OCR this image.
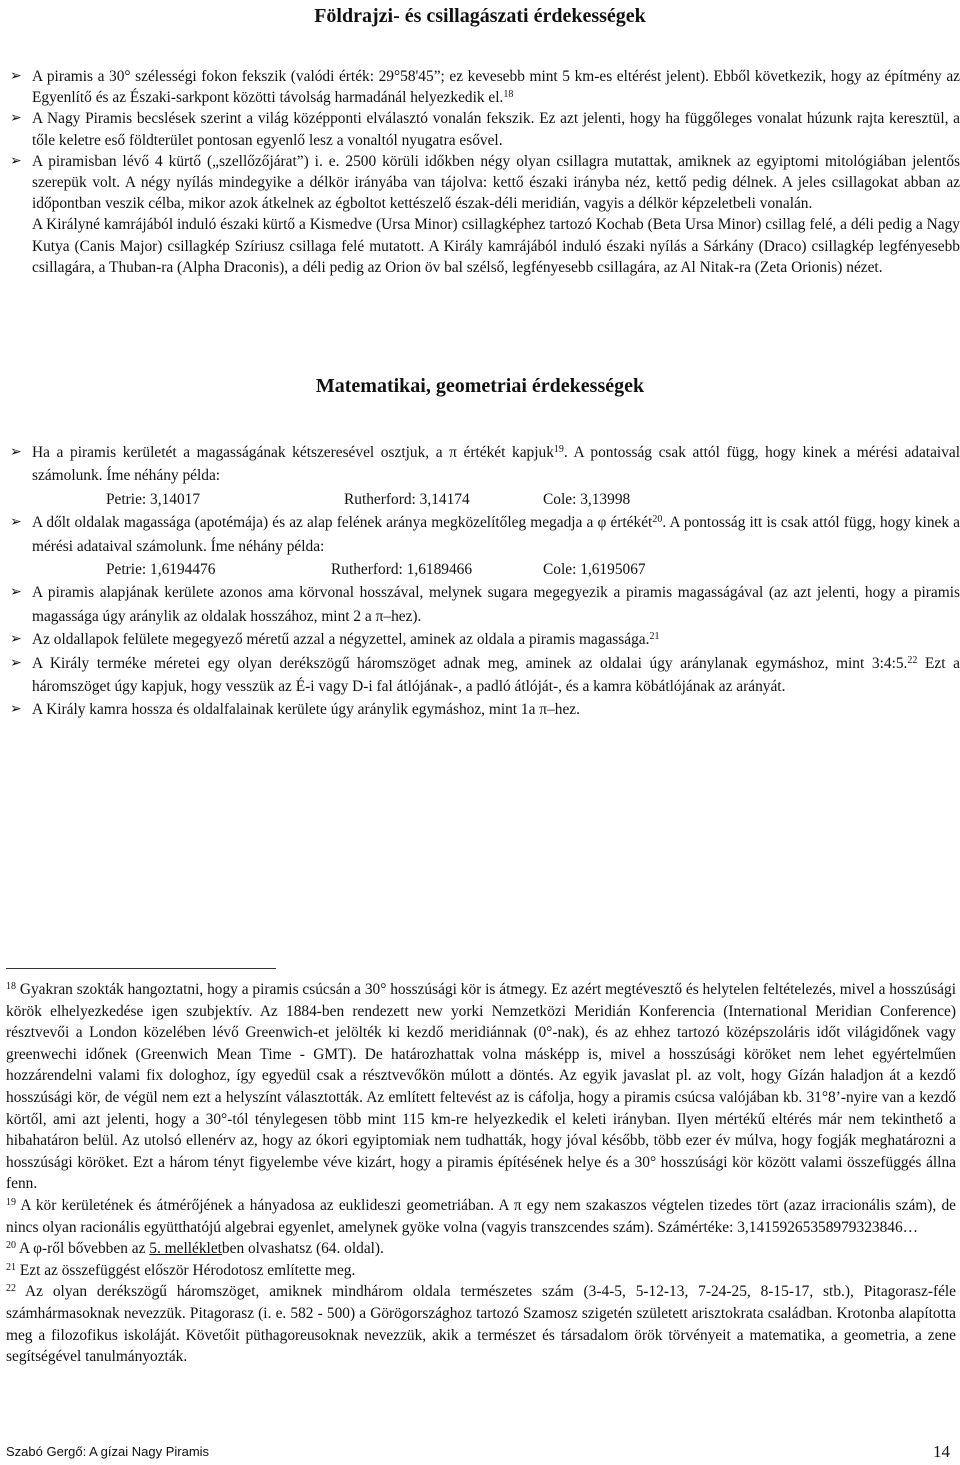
Földrajzi- és csillagászati érdekességek
➢ A piramis a 30° szélességi fokon fekszik (valódi érték: 29°58'45”; ez kevesebb mint 5 km-es eltérést jelent). Ebből következik, hogy az építmény az Egyenlítő és az Északi-sarkpont közötti távolság harmadánál helyezkedik el.$^{18}$
➢ A Nagy Piramis becslések szerint a világ középponti elválasztó vonalán fekszik. Ez azt jelenti, hogy ha függőleges vonalat húzunk rajta keresztül, a tőle keletre eső földterület pontosan egyenlő lesz a vonaltól nyugatra esővel.
➢ A piramisban lévő 4 kürtő („szellőzőjárat”) i. e. 2500 körüli időkben négy olyan csillagra mutattak, amiknek az egyiptomi mitológiában jelentős szerepük volt. A négy nyílás mindegyike a délkör irányába van tájolva: kettő északi irányba néz, kettő pedig délnek. A jeles csillagokat abban az időpontban veszik célba, mikor azok átkelnek az égboltot kettészelő észak-déli meridián, vagyis a délkör képzeletbeli vonalán.
A Királyné kamrájából induló északi kürtő a Kismedve (Ursa Minor) csillagképhez tartozó Kochab (Beta Ursa Minor) csillag felé, a déli pedig a Nagy Kutya (Canis Major) csillagkép Szíriusz csillaga felé mutatott. A Király kamrájából induló északi nyílás a Sárkány (Draco) csillagkép legfényesebb csillagára, a Thuban-ra (Alpha Draconis), a déli pedig az Orion öv bal szélső, legfényesebb csillagára, az Al Nitak-ra (Zeta Orionis) nézet.
Matematikai, geometriai érdekességek
➢ Ha a piramis kerületét a magasságának kétszeresével osztjuk, a π értékét kapjuk$^{19}$. A pontosság csak attól függ, hogy kinek a mérési adataival számolunk. Íme néhány példa:
Petrie: 3,14017	Rutherford: 3,14174	Cole: 3,13998
➢ A dőlt oldalak magassága (apotémája) és az alap felének aránya megközelítőleg megadja a φ értékét$^{20}$. A pontosság itt is csak attól függ, hogy kinek a mérési adataival számolunk. Íme néhány példa:
Petrie: 1,6194476	Rutherford: 1,6189466	Cole: 1,6195067
➢ A piramis alapjának kerülete azonos ama körvonal hosszával, melynek sugara megegyezik a piramis magasságával (az azt jelenti, hogy a piramis magassága úgy aránylik az oldalak hosszához, mint 2 a π–hez).
➢ Az oldallapok felülete megegyező méretű azzal a négyzettel, aminek az oldala a piramis magassága.$^{21}$
➢ A Király terméke méretei egy olyan derékszögű háromszöget adnak meg, aminek az oldalai úgy aránylanak egymáshoz, mint 3:4:5.22 Ezt a háromszöget úgy kapjuk, hogy vesszük az É-i vagy D-i fal átlójának-, a padló átlóját-, és a kamra köbátlójának az arányát.
➢ A Király kamra hossza és oldalfalainak kerülete úgy aránylik egymáshoz, mint 1a π–hez.

$^{18}$ Gyakran szokták hangoztatni, hogy a piramis csúcsán a 30° hosszúsági kör is átmegy. Ez azért megtévesztő és helytelen feltételezés, mivel a hosszúsági körök elhelyezkedése igen szubjektív. Az 1884-ben rendezett new yorki Nemzetközi Meridián Konferencia (International Meridian Conference) résztvevői a London közelében lévő Greenwich-et jelölték ki kezdő meridiánnak (0°-nak), és az ehhez tartozó középszoláris időt világidőnek vagy greenwechi időnek (Greenwich Mean Time - GMT). De határozhattak volna másképp is, mivel a hosszúsági köröket nem lehet egyértelműen hozzárendelni valami fix dologhoz, így egyedül csak a résztvevőkön múlott a döntés. Az egyik javaslat pl. az volt, hogy Gízán haladjon át a kezdő hosszúsági kör, de végül nem ezt a helyszínt választották. Az említett feltevést az is cáfolja, hogy a piramis csúcsa valójában kb. 31°8’-nyire van a kezdő körtől, ami azt jelenti, hogy a 30°-tól ténylegesen több mint 115 km-re helyezkedik el keleti irányban. Ilyen mértékű eltérés már nem tekinthető a hibahatáron belül. Az utolsó ellenérv az, hogy az ókori egyiptomiak nem tudhatták, hogy jóval később, több ezer év múlva, hogy fogják meghatározni a hosszúsági köröket. Ezt a három tényt figyelembe véve kizárt, hogy a piramis építésének helye és a 30° hosszúsági kör között valami összefüggés állna fenn.

$^{19}$ A kör kerületének és átmérőjének a hányadosa az euklideszi geometriában. A π egy nem szakaszos végtelen tizedes tört (azaz irracionális szám), de nincs olyan racionális együtthatójú algebrai egyenlet, amelynek gyöke volna (vagyis transzcendes szám). Számértéke: 3,14159265358979323846…

$^{20}$ A φ-ről bővebben az 5. mellékletben olvashatsz (64. oldal).

$^{21}$ Ezt az összefüggést először Hérodotosz említette meg.

$^{22}$ Az olyan derékszögű háromszöget, amiknek mindhárom oldala természetes szám (3-4-5, 5-12-13, 7-24-25, 8-15-17, stb.), Pitagorasz-féle számhármasoknak nevezzük. Pitagorasz (i. e. 582 - 500) a Görögországhoz tartozó Szamosz szigetén született arisztokrata családban. Krotonba alapította meg a filozofikus iskoláját. Követőit püthagoreusoknak nevezzük, akik a természet és társadalom örök törvényeit a matematika, a geometria, a zene segítségével tanulmányozták.

Szabó Gergő: A gízai Nagy Piramis	14
